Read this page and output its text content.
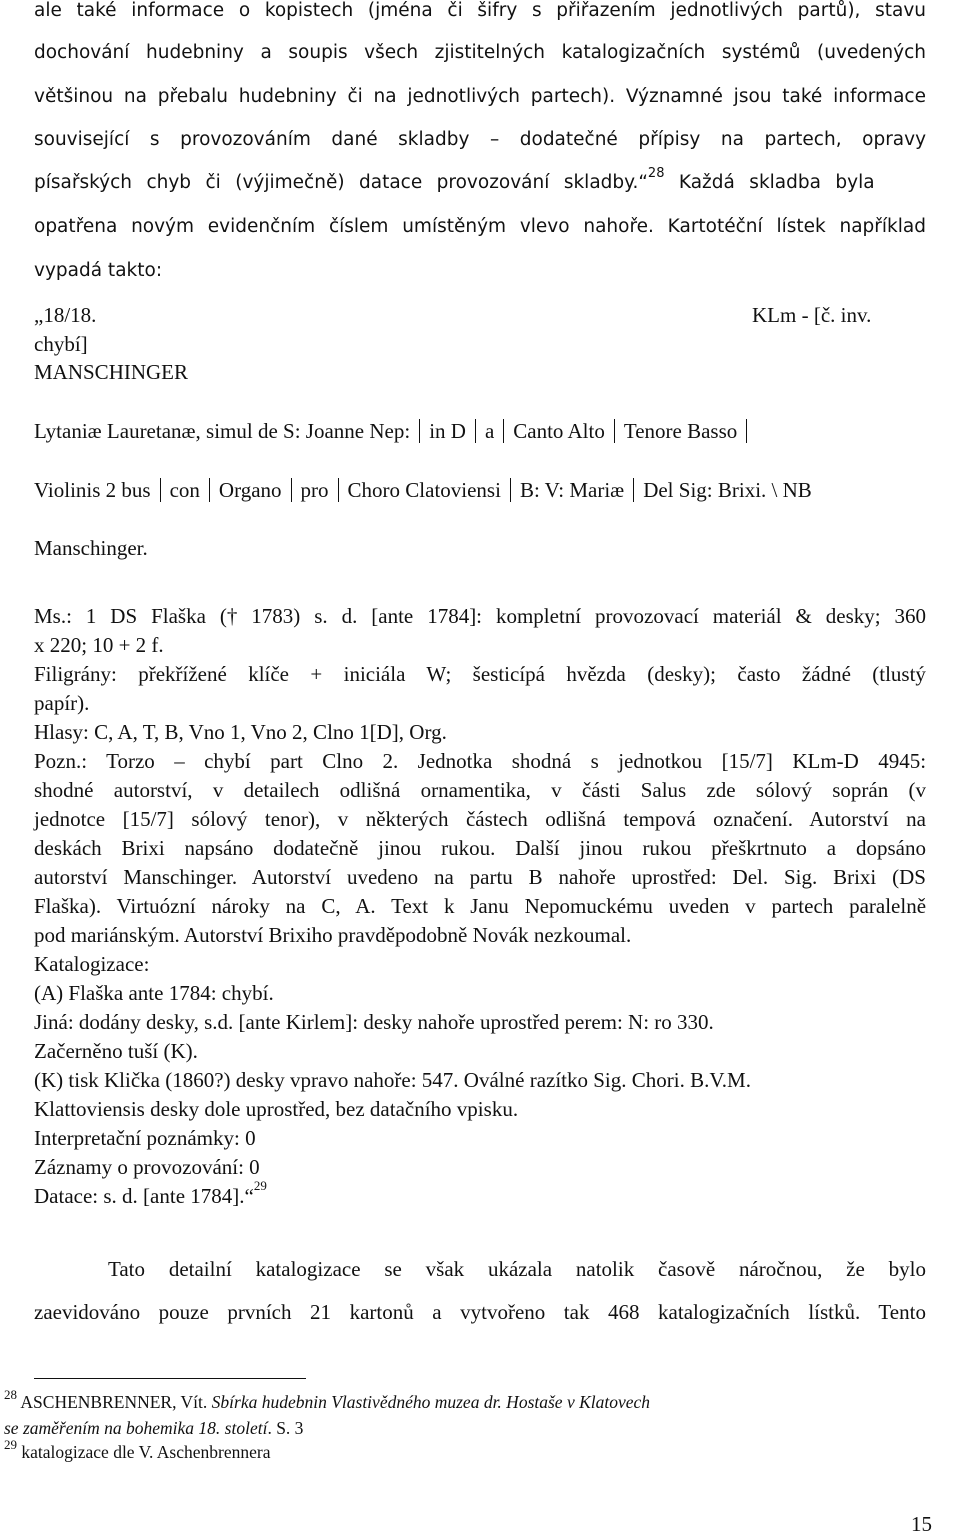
ale také informace o kopistech (jména či šifry s přiřazením jednotlivých partů), stavu
dochování hudebniny a soupis všech zjistitelných katalogizačních systémů (uvedených
většinou na přebalu hudebniny či na jednotlivých partech). Významné jsou také informace
související s provozováním dané skladby – dodatečné přípisy na partech, opravy
písařských chyb či (výjimečně) datace provozování skladby.“$^{28}$ Každá skladba byla
opatřena novým evidenčním číslem umístěným vlevo nahoře. Kartotéční lístek například
vypadá takto:
„18/18.	KLm - [č. inv.
chybí]
MANSCHINGER
Lytaniæ Lauretanæ, simul de S: Joanne Nep: in D a Canto Alto Tenore Basso
Violinis 2 bus con Organo pro Choro Clatoviensi B: V: Mariæ Del Sig: Brixi. \ NB
Manschinger.
Ms.: 1 DS Flaška († 1783) s. d. [ante 1784]: kompletní provozovací materiál & desky; 360
x 220; 10 + 2 f.
Filigrány: překřížené klíče + iniciála W; šesticípá hvězda (desky); často žádné (tlustý
papír).
Hlasy: C, A, T, B, Vno 1, Vno 2, Clno 1[D], Org.
Pozn.: Torzo – chybí part Clno 2. Jednotka shodná s jednotkou [15/7] KLm-D 4945:
shodné autorství, v detailech odlišná ornamentika, v části Salus zde sólový soprán (v
jednotce [15/7] sólový tenor), v některých částech odlišná tempová označení. Autorství na
deskách Brixi napsáno dodatečně jinou rukou. Další jinou rukou přeškrtnuto a dopsáno
autorství Manschinger. Autorství uvedeno na partu B nahoře uprostřed: Del. Sig. Brixi (DS
Flaška). Virtuózní nároky na C, A. Text k Janu Nepomuckému uveden v partech paralelně
pod mariánským. Autorství Brixiho pravděpodobně Novák nezkoumal.
Katalogizace:
(A) Flaška ante 1784: chybí.
Jiná: dodány desky, s.d. [ante Kirlem]: desky nahoře uprostřed perem: N: ro 330.
Začerněno tuší (K).
(K) tisk Klička (1860?) desky vpravo nahoře: 547. Oválné razítko Sig. Chori. B.V.M.
Klattoviensis desky dole uprostřed, bez datačního vpisku.
Interpretační poznámky: 0
Záznamy o provozování: 0
Datace: s. d. [ante 1784].“$^{29}$
Tato detailní katalogizace se však ukázala natolik časově náročnou, že bylo
zaevidováno pouze prvních 21 kartonů a vytvořeno tak 468 katalogizačních lístků. Tento
$^{28}$ ASCHENBRENNER, Vít. Sbírka hudebnin Vlastivědného muzea dr. Hostaše v Klatovech
se zaměřením na bohemika 18. století. S. 3
$^{29}$ katalogizace dle V. Aschenbrennera
15
